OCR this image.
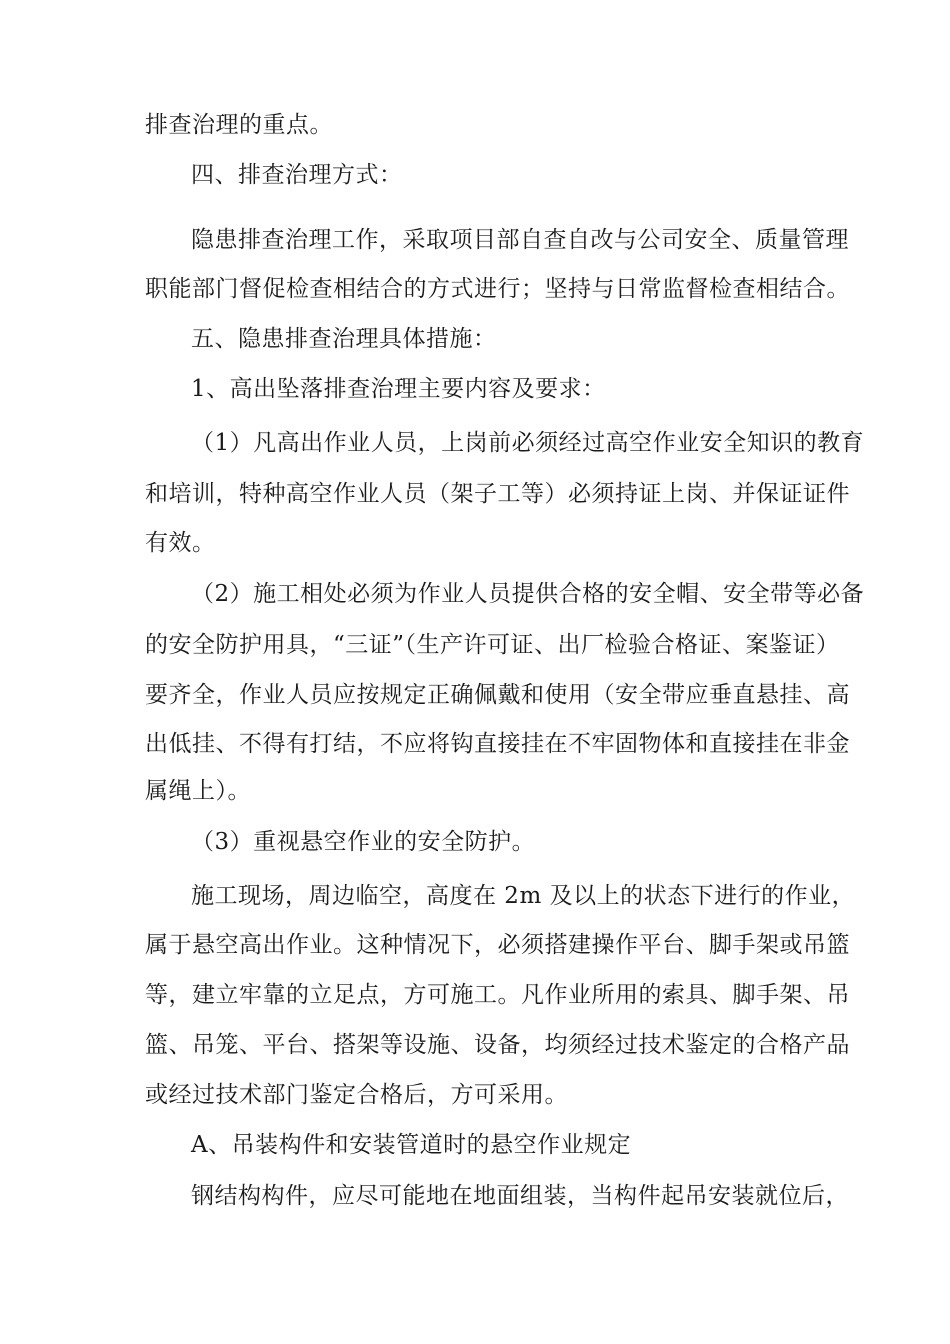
排查治理的重点。
四、排查治理方式：
隐患排查治理工作，采取项目部自查自改与公司安全、质量管理
职能部门督促检查相结合的方式进行；坚持与日常监督检查相结合。
五、隐患排查治理具体措施：
1、高出坠落排查治理主要内容及要求：
（1）凡高出作业人员，上岗前必须经过高空作业安全知识的教育
和培训，特种高空作业人员（架子工等）必须持证上岗、并保证证件
有效。
（2）施工相处必须为作业人员提供合格的安全帽、安全带等必备
的安全防护用具，“三证”（生产许可证、出厂检验合格证、案鉴证）
要齐全，作业人员应按规定正确佩戴和使用（安全带应垂直悬挂、高
出低挂、不得有打结，不应将钩直接挂在不牢固物体和直接挂在非金
属绳上）。
（3）重视悬空作业的安全防护。
施工现场，周边临空，高度在 2m 及以上的状态下进行的作业，
属于悬空高出作业。这种情况下，必须搭建操作平台、脚手架或吊篮
等，建立牢靠的立足点，方可施工。凡作业所用的索具、脚手架、吊
篮、吊笼、平台、搭架等设施、设备，均须经过技术鉴定的合格产品
或经过技术部门鉴定合格后，方可采用。
A、吊装构件和安装管道时的悬空作业规定
钢结构构件，应尽可能地在地面组装，当构件起吊安装就位后，
